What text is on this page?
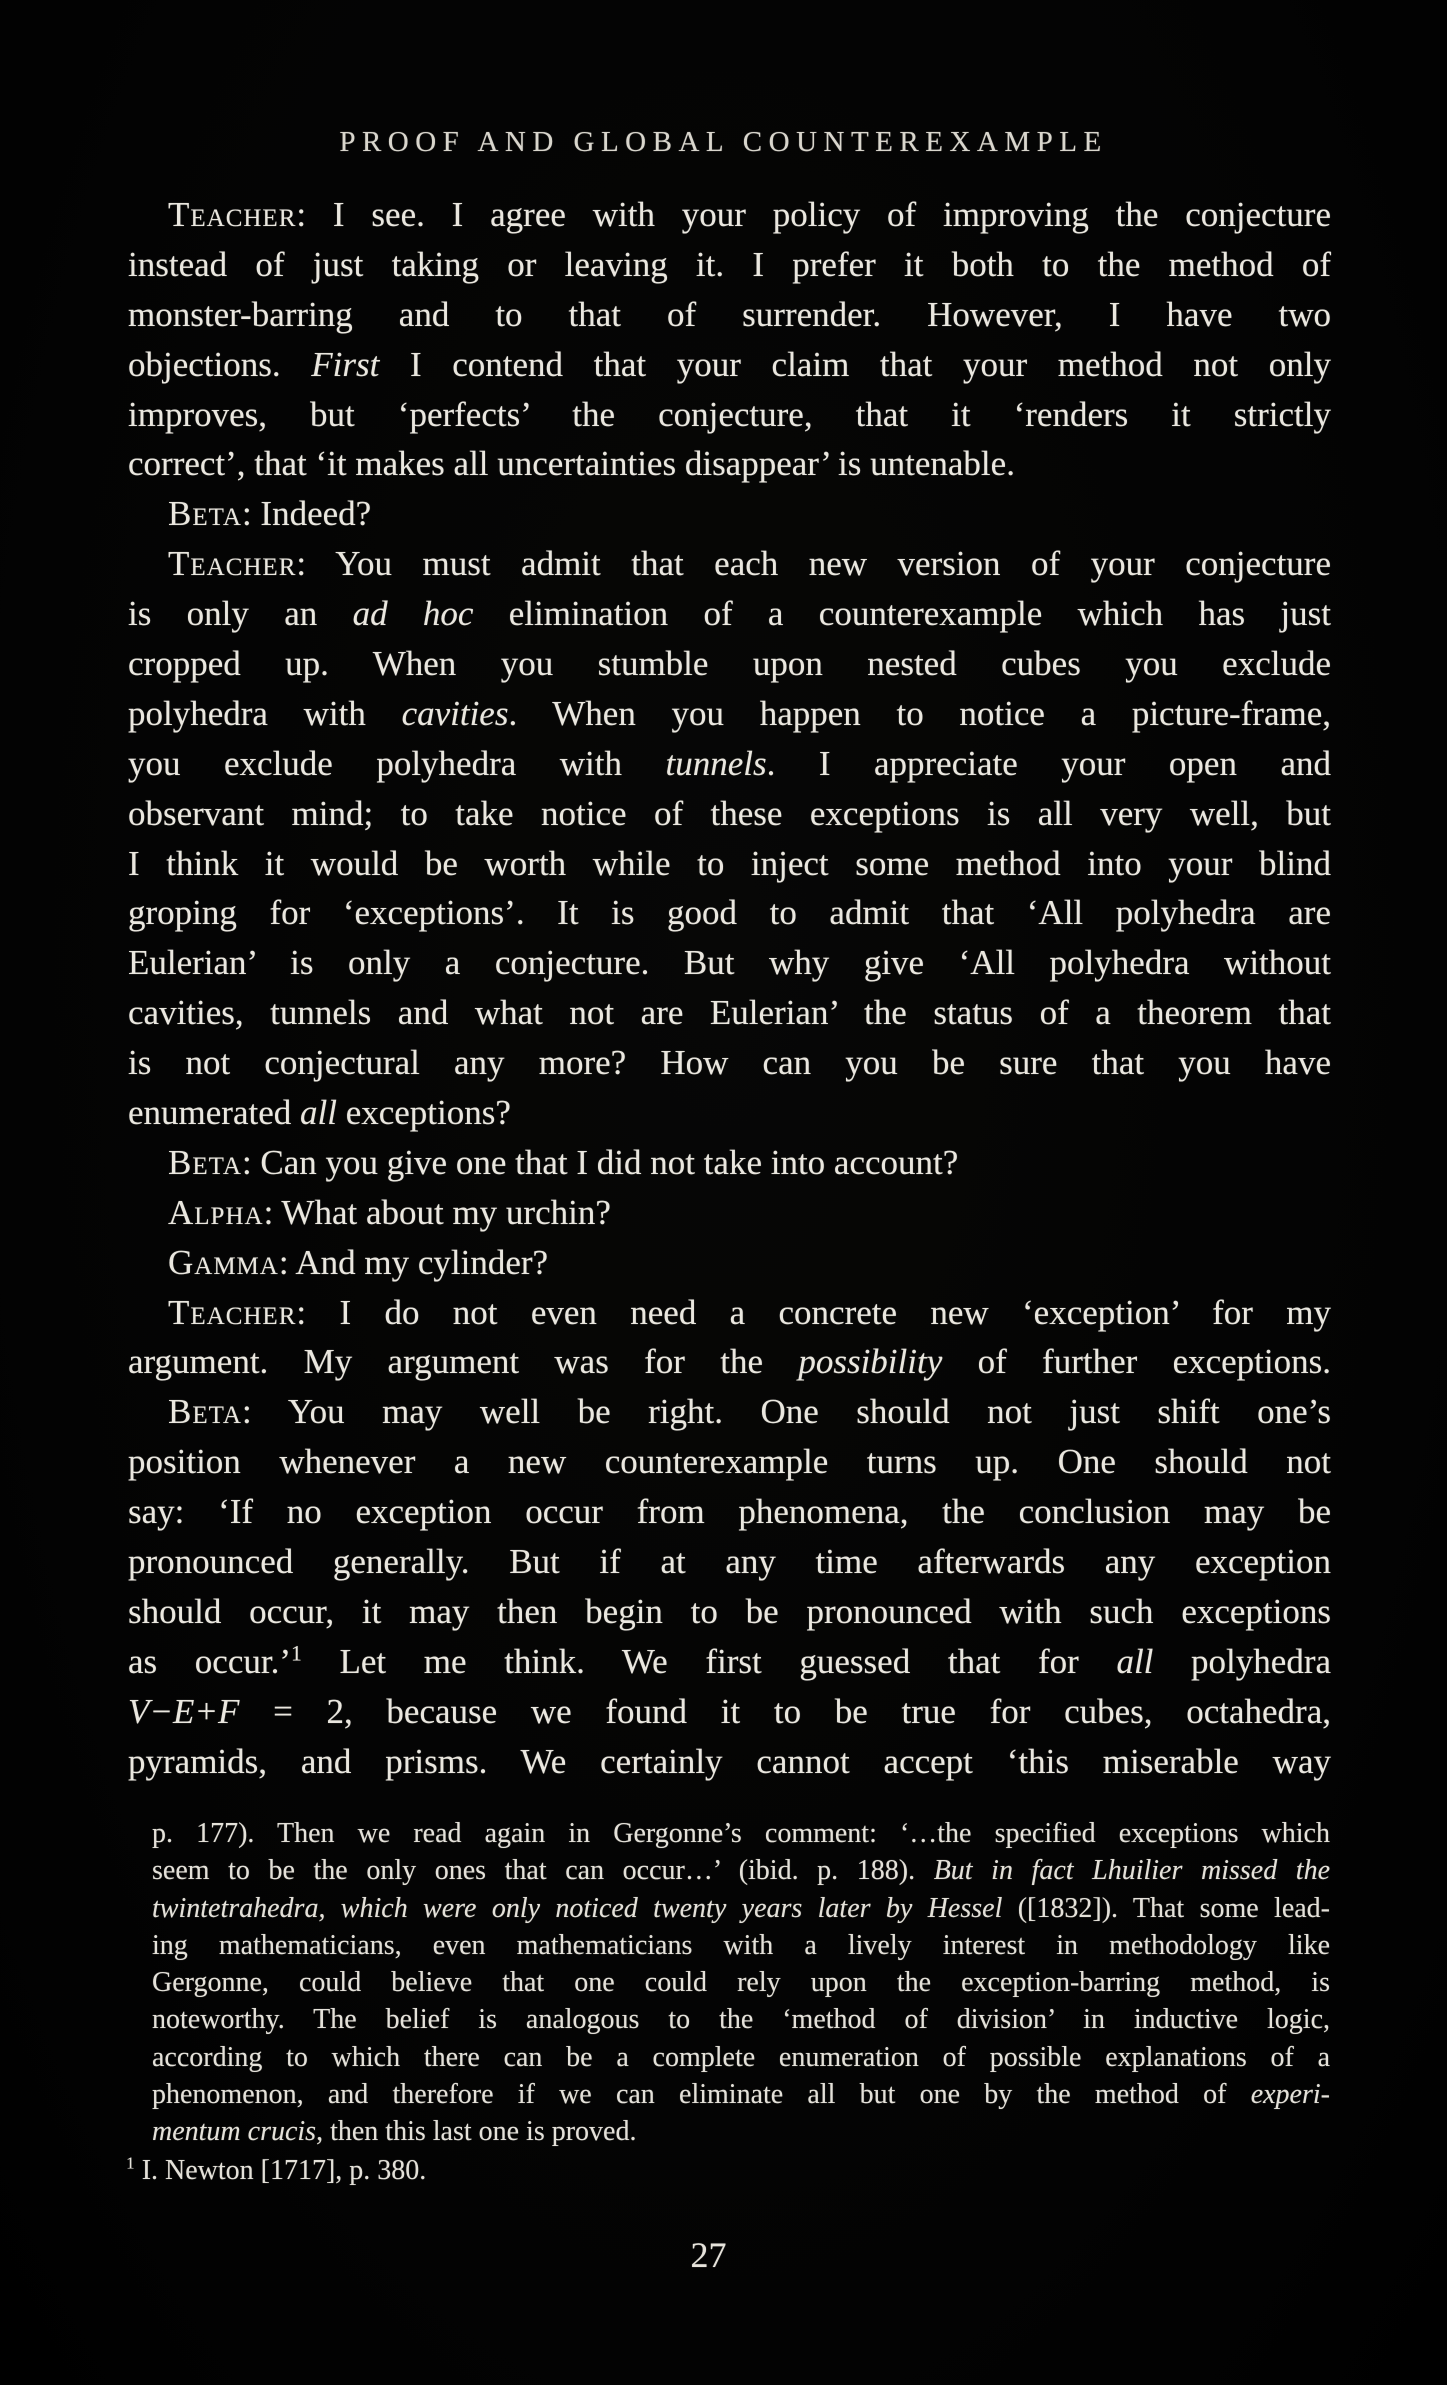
PROOF AND GLOBAL COUNTEREXAMPLE
Teacher: I see. I agree with your policy of improving the conjecture
instead of just taking or leaving it. I prefer it both to the method of
monster-barring and to that of surrender. However, I have two
objections. First I contend that your claim that your method not only
improves, but ‘perfects’ the conjecture, that it ‘renders it strictly
correct’, that ‘it makes all uncertainties disappear’ is untenable.
Beta: Indeed?
Teacher: You must admit that each new version of your conjecture
is only an ad hoc elimination of a counterexample which has just
cropped up. When you stumble upon nested cubes you exclude
polyhedra with cavities. When you happen to notice a picture-frame,
you exclude polyhedra with tunnels. I appreciate your open and
observant mind; to take notice of these exceptions is all very well, but
I think it would be worth while to inject some method into your blind
groping for ‘exceptions’. It is good to admit that ‘All polyhedra are
Eulerian’ is only a conjecture. But why give ‘All polyhedra without
cavities, tunnels and what not are Eulerian’ the status of a theorem that
is not conjectural any more? How can you be sure that you have
enumerated all exceptions?
Beta: Can you give one that I did not take into account?
Alpha: What about my urchin?
Gamma: And my cylinder?
Teacher: I do not even need a concrete new ‘exception’ for my
argument. My argument was for the possibility of further exceptions.
Beta: You may well be right. One should not just shift one’s
position whenever a new counterexample turns up. One should not
say: ‘If no exception occur from phenomena, the conclusion may be
pronounced generally. But if at any time afterwards any exception
should occur, it may then begin to be pronounced with such exceptions
as occur.’$^1$ Let me think. We first guessed that for all polyhedra
V−E+F = 2, because we found it to be true for cubes, octahedra,
pyramids, and prisms. We certainly cannot accept ‘this miserable way
p. 177). Then we read again in Gergonne’s comment: ‘…the specified exceptions which
seem to be the only ones that can occur…’ (ibid. p. 188). But in fact Lhuilier missed the
twintetrahedra, which were only noticed twenty years later by Hessel ([1832]). That some lead-
ing mathematicians, even mathematicians with a lively interest in methodology like
Gergonne, could believe that one could rely upon the exception-barring method, is
noteworthy. The belief is analogous to the ‘method of division’ in inductive logic,
according to which there can be a complete enumeration of possible explanations of a
phenomenon, and therefore if we can eliminate all but one by the method of experi-
mentum crucis, then this last one is proved.
$^1$ I. Newton [1717], p. 380.
27
